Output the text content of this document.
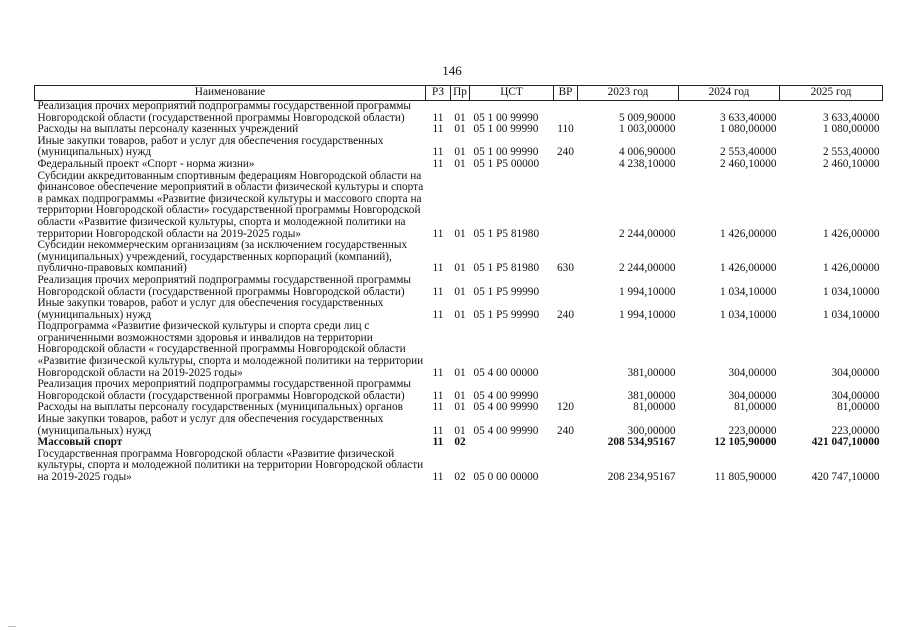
146
Наименование	РЗ	Пр	ЦСТ	ВР	2023 год	2024 год	2025 год
Реализация прочих мероприятий подпрограммы государственной программы Новгородской области (государственной программы Новгородской области)	11	01	05 1 00 99990		5 009,90000	3 633,40000	3 633,40000
Расходы на выплаты персоналу казенных учреждений	11	01	05 1 00 99990	110	1 003,00000	1 080,00000	1 080,00000
Иные закупки товаров, работ и услуг для обеспечения государственных (муниципальных) нужд	11	01	05 1 00 99990	240	4 006,90000	2 553,40000	2 553,40000
Федеральный проект «Спорт - норма жизни»	11	01	05 1 P5 00000		4 238,10000	2 460,10000	2 460,10000
Субсидии аккредитованным спортивным федерациям Новгородской области на финансовое обеспечение мероприятий в области физической культуры и спорта в рамках подпрограммы «Развитие физической культуры и массового спорта на территории Новгородской области» государственной программы Новгородской области «Развитие физической культуры, спорта и молодежной политики на территории Новгородской области на 2019-2025 годы»	11	01	05 1 P5 81980		2 244,00000	1 426,00000	1 426,00000
Субсидии некоммерческим организациям (за исключением государственных (муниципальных) учреждений, государственных корпораций (компаний), публично-правовых компаний)	11	01	05 1 P5 81980	630	2 244,00000	1 426,00000	1 426,00000
Реализация прочих мероприятий подпрограммы государственной программы Новгородской области (государственной программы Новгородской области)	11	01	05 1 P5 99990		1 994,10000	1 034,10000	1 034,10000
Иные закупки товаров, работ и услуг для обеспечения государственных (муниципальных) нужд	11	01	05 1 P5 99990	240	1 994,10000	1 034,10000	1 034,10000
Подпрограмма «Развитие физической культуры и спорта среди лиц с ограниченными возможностями здоровья и инвалидов на территории Новгородской области « государственной программы Новгородской области «Развитие физической культуры, спорта и молодежной политики на территории Новгородской области на 2019-2025 годы»	11	01	05 4 00 00000		381,00000	304,00000	304,00000
Реализация прочих мероприятий подпрограммы государственной программы Новгородской области (государственной программы Новгородской области)	11	01	05 4 00 99990		381,00000	304,00000	304,00000
Расходы на выплаты персоналу государственных (муниципальных) органов	11	01	05 4 00 99990	120	81,00000	81,00000	81,00000
Иные закупки товаров, работ и услуг для обеспечения государственных (муниципальных) нужд	11	01	05 4 00 99990	240	300,00000	223,00000	223,00000
Массовый спорт	11	02			208 534,95167	12 105,90000	421 047,10000
Государственная программа Новгородской области «Развитие физической культуры, спорта и молодежной политики на территории Новгородской области на 2019-2025 годы»	11	02	05 0 00 00000		208 234,95167	11 805,90000	420 747,10000
